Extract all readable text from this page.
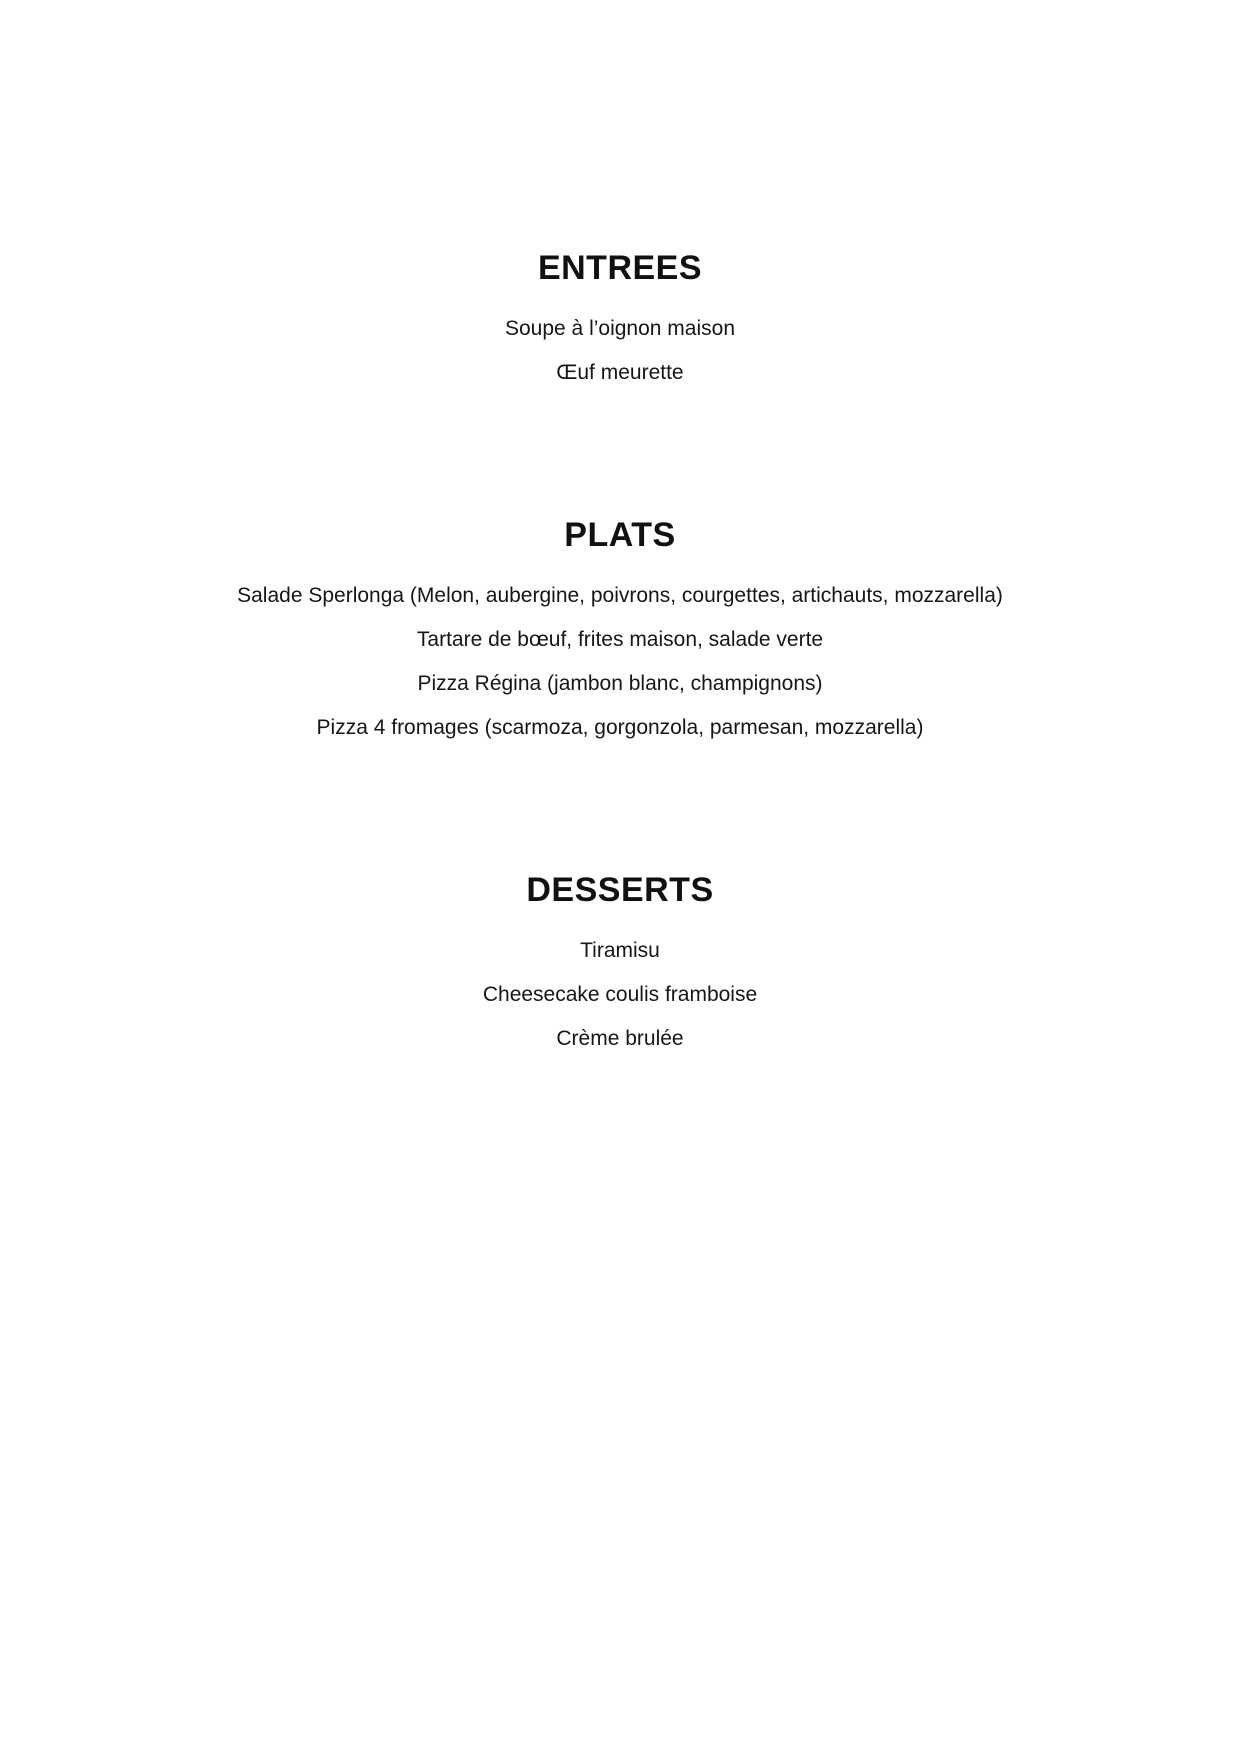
ENTREES

Soupe à l’oignon maison

Œuf meurette

PLATS

Salade Sperlonga (Melon, aubergine, poivrons, courgettes, artichauts, mozzarella)

Tartare de bœuf, frites maison, salade verte

Pizza Régina (jambon blanc, champignons)

Pizza 4 fromages (scarmoza, gorgonzola, parmesan, mozzarella)

DESSERTS

Tiramisu

Cheesecake coulis framboise

Crème brulée
